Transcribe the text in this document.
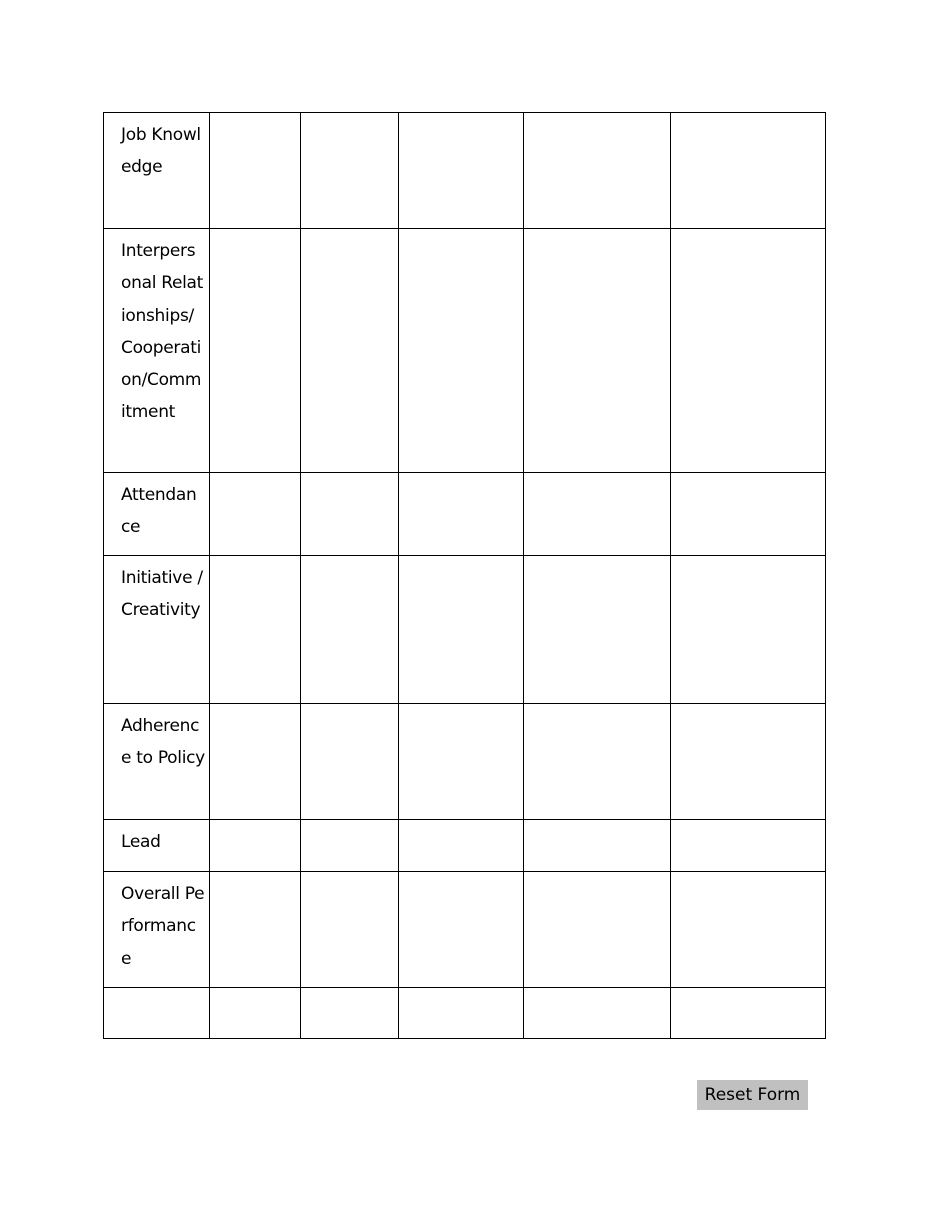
Job Knowledge					
Interpersonal Relationships/Cooperation/Commitment					
Attendance					
Initiative / Creativity					
Adherence to Policy					
Lead					
Overall Performance					

Reset Form
